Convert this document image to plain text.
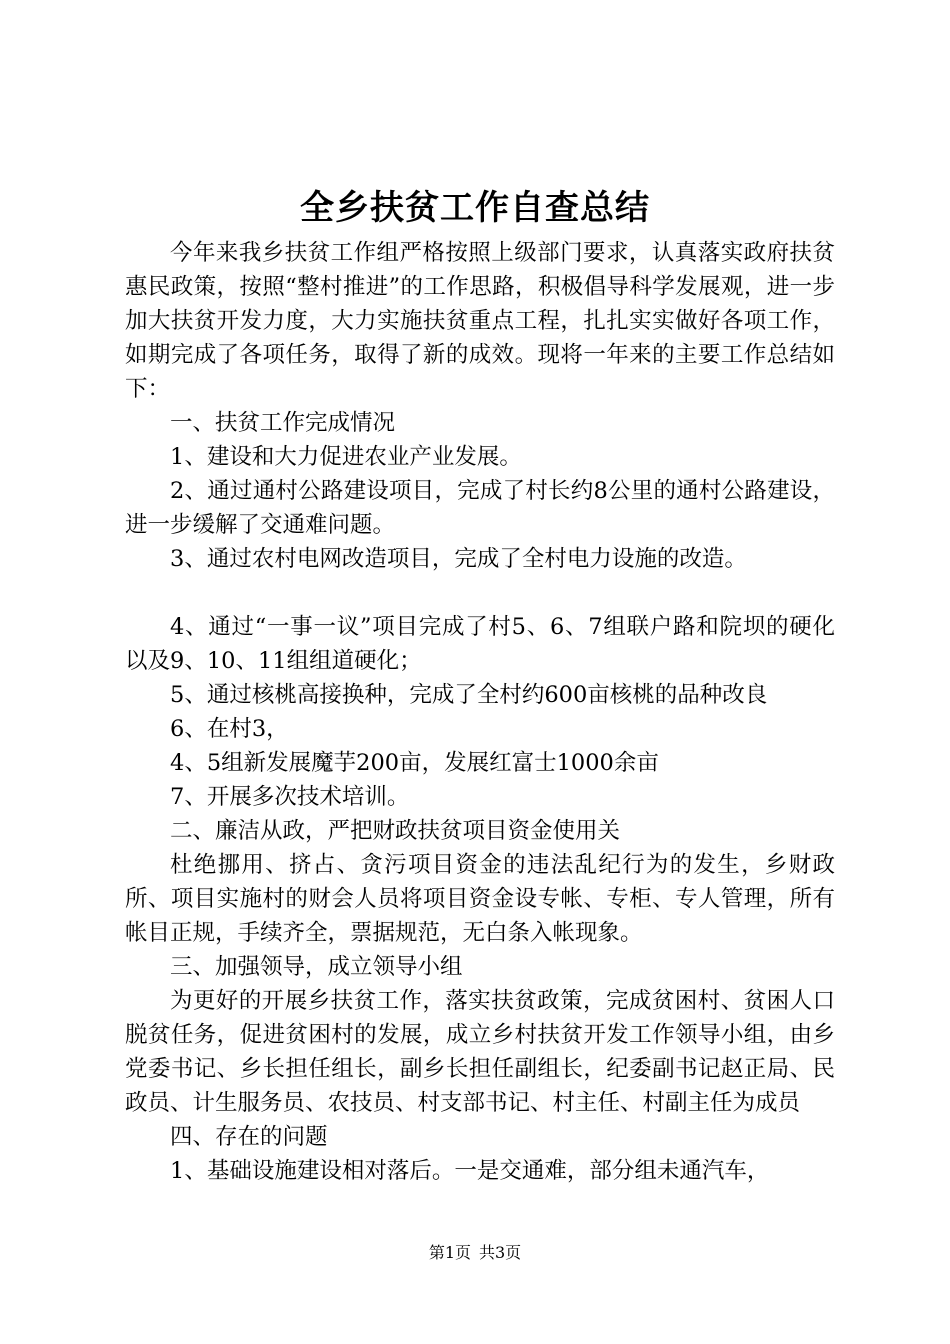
全乡扶贫工作自查总结

今年来我乡扶贫工作组严格按照上级部门要求，认真落实政府扶贫惠民政策，按照“整村推进”的工作思路，积极倡导科学发展观，进一步加大扶贫开发力度，大力实施扶贫重点工程，扎扎实实做好各项工作，如期完成了各项任务，取得了新的成效。现将一年来的主要工作总结如下：

一、扶贫工作完成情况

1、建设和大力促进农业产业发展。

2、通过通村公路建设项目，完成了村长约8公里的通村公路建设，进一步缓解了交通难问题。

3、通过农村电网改造项目，完成了全村电力设施的改造。

4、通过“一事一议”项目完成了村5、6、7组联户路和院坝的硬化以及9、10、11组组道硬化；

5、通过核桃高接换种，完成了全村约600亩核桃的品种改良

6、在村3，

4、5组新发展魔芋200亩，发展红富士1000余亩

7、开展多次技术培训。

二、廉洁从政，严把财政扶贫项目资金使用关

杜绝挪用、挤占、贪污项目资金的违法乱纪行为的发生，乡财政所、项目实施村的财会人员将项目资金设专帐、专柜、专人管理，所有帐目正规，手续齐全，票据规范，无白条入帐现象。

三、加强领导，成立领导小组

为更好的开展乡扶贫工作，落实扶贫政策，完成贫困村、贫困人口脱贫任务，促进贫困村的发展，成立乡村扶贫开发工作领导小组，由乡党委书记、乡长担任组长，副乡长担任副组长，纪委副书记赵正局、民政员、计生服务员、农技员、村支部书记、村主任、村副主任为成员

四、存在的问题

1、基础设施建设相对落后。一是交通难，部分组未通汽车，

第1页 共3页
